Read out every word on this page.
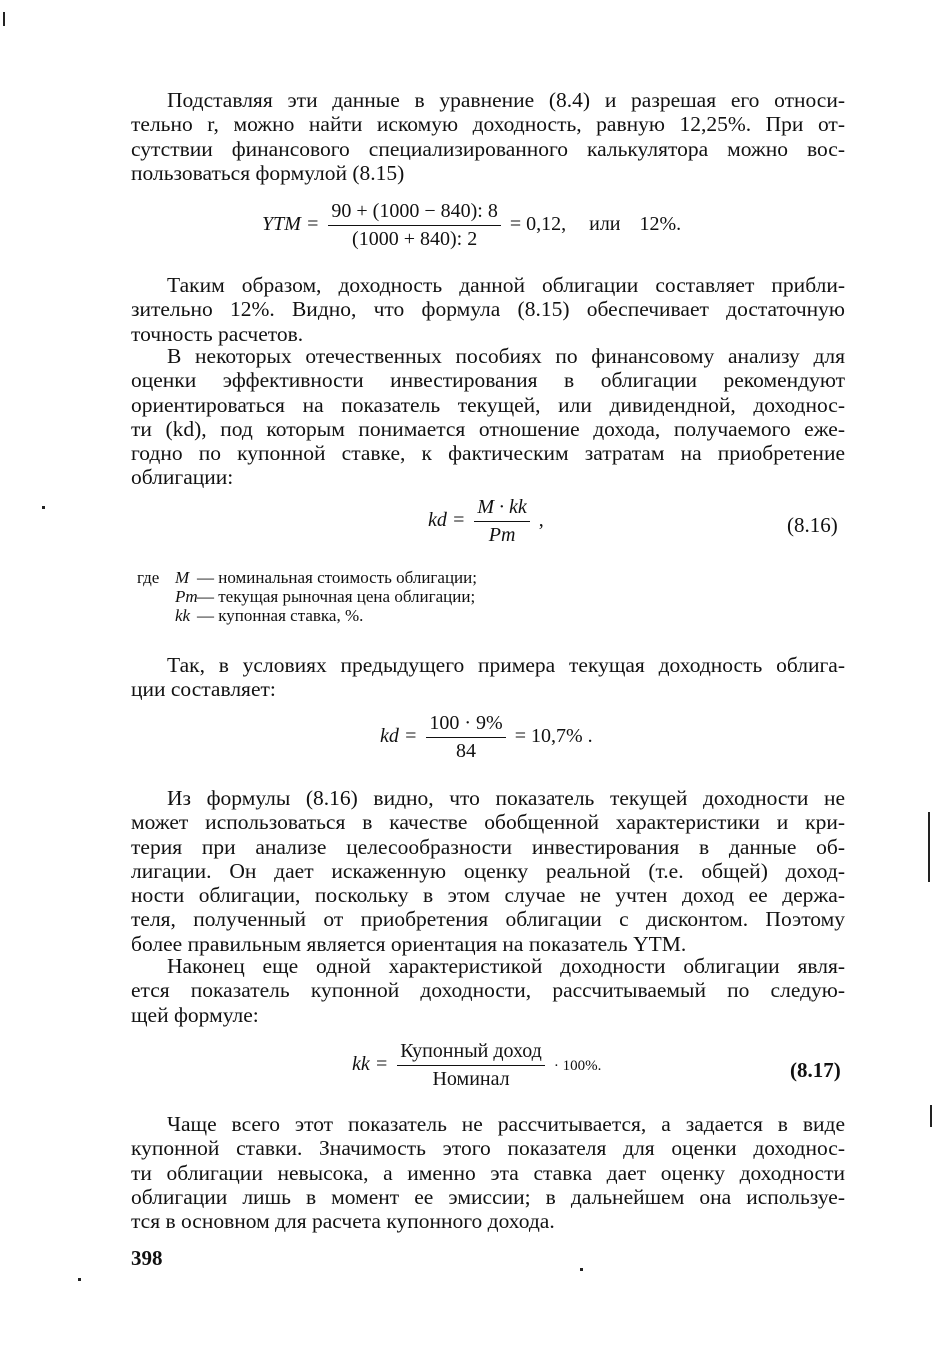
Подставляя эти данные в уравнение (8.4) и разрешая его относи-
тельно r, можно найти искомую доходность, равную 12,25%. При от-
сутствии финансового специализированного калькулятора можно вос-
пользоваться формулой (8.15)
YTM = $\frac{90 + (1000 - 840): 8}{(1000 + 840): 2} = 0,12$, или 12%.
Таким образом, доходность данной облигации составляет прибли-
зительно 12%. Видно, что формула (8.15) обеспечивает достаточную
точность расчетов.
В некоторых отечественных пособиях по финансовому анализу для
оценки эффективности инвестирования в облигации рекомендуют
ориентироваться на показатель текущей, или дивидендной, доходнос-
ти (kd), под которым понимается отношение дохода, получаемого еже-
годно по купонной ставке, к фактическим затратам на приобретение
облигации:
kd = $\frac{M \cdot kk}{Pm}$ ,	(8.16)
где M — номинальная стоимость облигации;
Pm— текущая рыночная цена облигации;
kk — купонная ставка, %.
Так, в условиях предыдущего примера текущая доходность облига-
ции составляет:
kd = $\frac{100 \cdot 9\%}{84} = 10,7\%$ .
Из формулы (8.16) видно, что показатель текущей доходности не
может использоваться в качестве обобщенной характеристики и кри-
терия при анализе целесообразности инвестирования в данные об-
лигации. Он дает искаженную оценку реальной (т.е. общей) доход-
ности облигации, поскольку в этом случае не учтен доход ее держа-
теля, полученный от приобретения облигации с дисконтом. Поэтому
более правильным является ориентация на показатель YTM.
Наконец еще одной характеристикой доходности облигации явля-
ется показатель купонной доходности, рассчитываемый по следую-
щей формуле:
kk = $\frac{\text{Купонный доход}}{\text{Номинал}} \cdot 100\%$.	(8.17)
Чаще всего этот показатель не рассчитывается, а задается в виде
купонной ставки. Значимость этого показателя для оценки доходнос-
ти облигации невысока, а именно эта ставка дает оценку доходности
облигации лишь в момент ее эмиссии; в дальнейшем она используе-
тся в основном для расчета купонного дохода.
398
